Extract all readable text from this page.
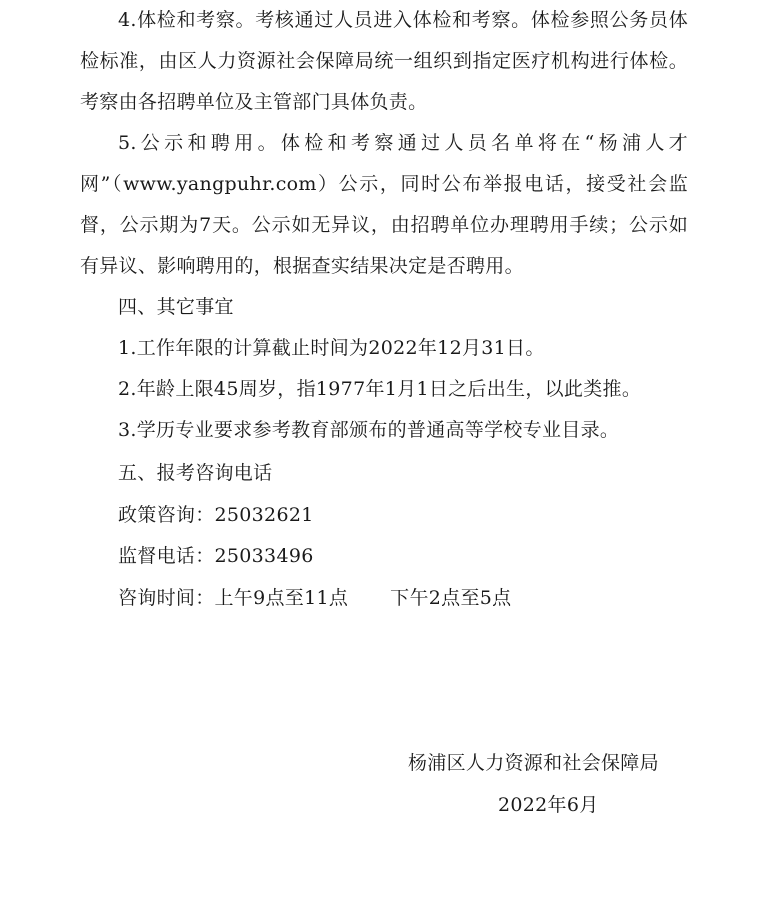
4.体检和考察。考核通过人员进入体检和考察。体检参照公务员体检标准，由区人力资源社会保障局统一组织到指定医疗机构进行体检。考察由各招聘单位及主管部门具体负责。

5.公示和聘用。体检和考察通过人员名单将在“杨浦人才网”（www.yangpuhr.com）公示，同时公布举报电话，接受社会监督，公示期为7天。公示如无异议，由招聘单位办理聘用手续；公示如有异议、影响聘用的，根据查实结果决定是否聘用。

四、其它事宜

1.工作年限的计算截止时间为2022年12月31日。

2.年龄上限45周岁，指1977年1月1日之后出生，以此类推。

3.学历专业要求参考教育部颁布的普通高等学校专业目录。

五、报考咨询电话

政策咨询：25032621

监督电话：25033496

咨询时间：上午9点至11点 下午2点至5点

杨浦区人力资源和社会保障局
2022年6月
